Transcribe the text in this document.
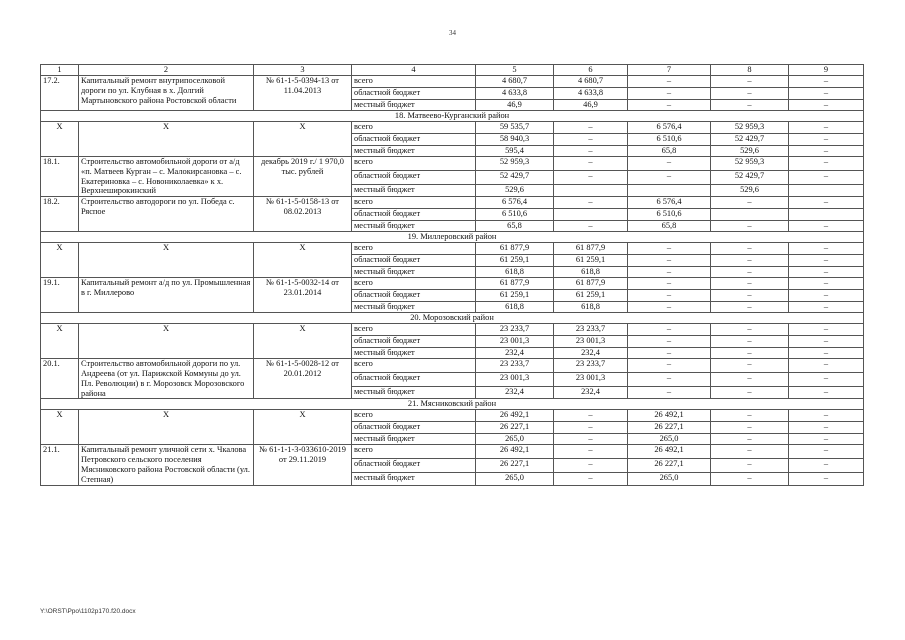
34
1	2	3	4	5	6	7	8	9
17.2.	Капитальный ремонт внутрипоселковой дороги по ул. Клубная в х. Долгий Мартыновского района Ростовской области	№ 61-1-5-0394-13 от 11.04.2013	всего	4 680,7	4 680,7	–	–	–
			областной бюджет	4 633,8	4 633,8	–	–	–
			местный бюджет	46,9	46,9	–	–	–
18. Матвеево-Курганский район								
Х	Х	Х	всего	59 535,7	–	6 576,4	52 959,3	–
			областной бюджет	58 940,3	–	6 510,6	52 429,7	–
			местный бюджет	595,4	–	65,8	529,6	–
18.1.	Строительство автомобильной дороги от а/д «п. Матвеев Курган – с. Малокирсановка – с. Екатериновка – с. Новониколаевка» к х. Верхнеширокинский	декабрь 2019 г./ 1 970,0 тыс. рублей	всего	52 959,3	–	–	52 959,3	–
			областной бюджет	52 429,7	–	–	52 429,7	–
			местный бюджет	529,6			529,6	
18.2.	Строительство автодороги по ул. Победа с. Ряспое	№ 61-1-5-0158-13 от 08.02.2013	всего	6 576,4	–	6 576,4	–	–
			областной бюджет	6 510,6		6 510,6		
			местный бюджет	65,8	–	65,8	–	–
19. Миллеровский район								
Х	Х	Х	всего	61 877,9	61 877,9	–	–	–
			областной бюджет	61 259,1	61 259,1	–	–	–
			местный бюджет	618,8	618,8	–	–	–
19.1.	Капитальный ремонт а/д по ул. Промышленная в г. Миллерово	№ 61-1-5-0032-14 от 23.01.2014	всего	61 877,9	61 877,9	–	–	–
			областной бюджет	61 259,1	61 259,1	–	–	–
			местный бюджет	618,8	618,8	–	–	–
20. Морозовский район								
Х	Х	Х	всего	23 233,7	23 233,7	–	–	–
			областной бюджет	23 001,3	23 001,3	–	–	–
			местный бюджет	232,4	232,4	–	–	–
20.1.	Строительство автомобильной дороги по ул. Андреева (от ул. Парижской Коммуны до ул. Пл. Революции) в г. Морозовск Морозовского района	№ 61-1-5-0028-12 от 20.01.2012	всего	23 233,7	23 233,7	–	–	–
			областной бюджет	23 001,3	23 001,3	–	–	–
			местный бюджет	232,4	232,4	–	–	–
21. Мясниковский район								
Х	Х	Х	всего	26 492,1	–	26 492,1	–	–
			областной бюджет	26 227,1	–	26 227,1	–	–
			местный бюджет	265,0	–	265,0	–	–
21.1.	Капитальный ремонт уличной сети х. Чкалова Петровского сельского поселения Мясниковского района Ростовской области (ул. Степная)	№ 61-1-1-3-033610-2019 от 29.11.2019	всего	26 492,1	–	26 492,1	–	–
			областной бюджет	26 227,1	–	26 227,1	–	–
			местный бюджет	265,0	–	265,0	–	–
Y:\ORST\Ppo\1102p170.f20.docx
